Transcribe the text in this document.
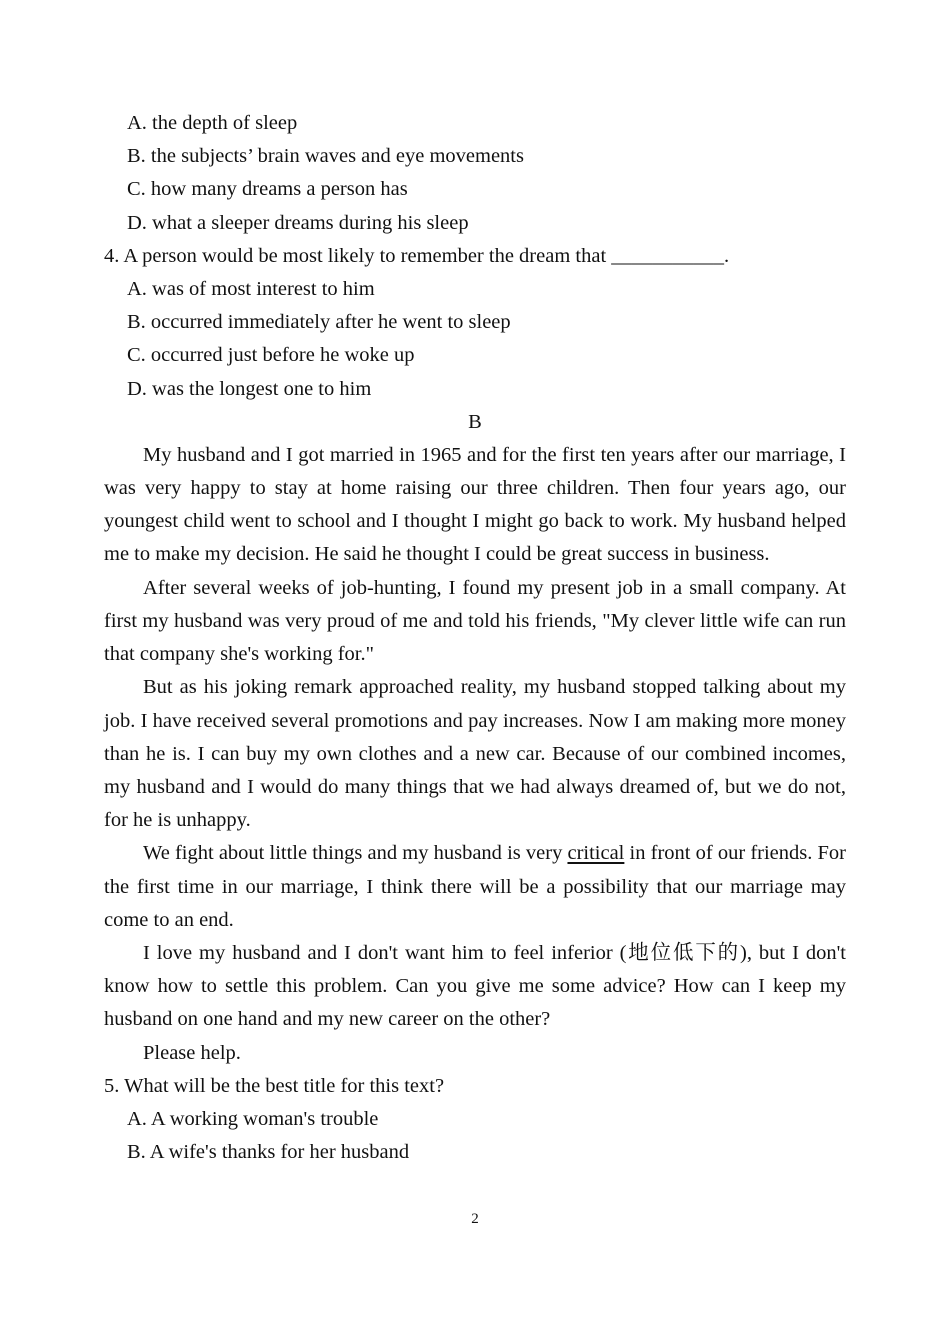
A. the depth of sleep
B. the subjects’ brain waves and eye movements
C. how many dreams a person has
D. what a sleeper dreams during his sleep
4. A person would be most likely to remember the dream that ___________.
A. was of most interest to him
B. occurred immediately after he went to sleep
C. occurred just before he woke up
D. was the longest one to him
B

My husband and I got married in 1965 and for the first ten years after our marriage, I was very happy to stay at home raising our three children. Then four years ago, our youngest child went to school and I thought I might go back to work. My husband helped me to make my decision. He said he thought I could be great success in business.

After several weeks of job-hunting, I found my present job in a small company. At first my husband was very proud of me and told his friends, "My clever little wife can run that company she's working for."

But as his joking remark approached reality, my husband stopped talking about my job. I have received several promotions and pay increases. Now I am making more money than he is. I can buy my own clothes and a new car. Because of our combined incomes, my husband and I would do many things that we had always dreamed of, but we do not, for he is unhappy.

We fight about little things and my husband is very critical in front of our friends. For the first time in our marriage, I think there will be a possibility that our marriage may come to an end.

I love my husband and I don't want him to feel inferior (地位低下的), but I don't know how to settle this problem. Can you give me some advice? How can I keep my husband on one hand and my new career on the other?

Please help.

5. What will be the best title for this text?
A. A working woman's trouble
B. A wife's thanks for her husband
2
